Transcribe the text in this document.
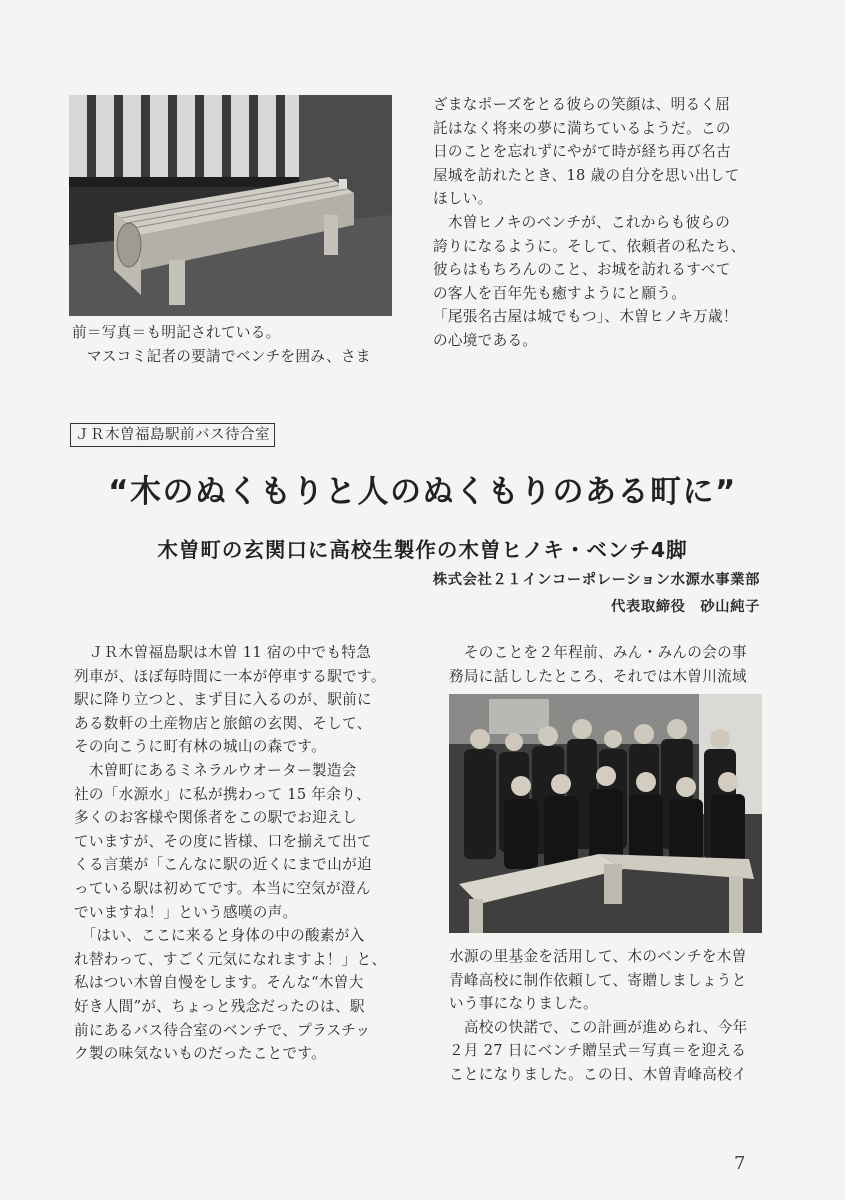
前＝写真＝も明記されている。

　マスコミ記者の要請でベンチを囲み、さま

ざまなポーズをとる彼らの笑顔は、明るく屈

託はなく将来の夢に満ちているようだ。この

日のことを忘れずにやがて時が経ち再び名古

屋城を訪れたとき、18 歳の自分を思い出して

ほしい。

　木曽ヒノキのベンチが、これからも彼らの

誇りになるように。そして、依頼者の私たち、

彼らはもちろんのこと、お城を訪れるすべて

の客人を百年先も癒すようにと願う。

「尾張名古屋は城でもつ」、木曽ヒノキ万歳！

の心境である。

ＪＲ木曽福島駅前バス待合室
“木のぬくもりと人のぬくもりのある町に”
木曽町の玄関口に高校生製作の木曽ヒノキ・ベンチ4脚
株式会社２１インコーポレーション水源水事業部
代表取締役　砂山純子

　ＪＲ木曽福島駅は木曽 11 宿の中でも特急

列車が、ほぼ毎時間に一本が停車する駅です。

駅に降り立つと、まず目に入るのが、駅前に

ある数軒の土産物店と旅館の玄関、そして、

その向こうに町有林の城山の森です。

　木曽町にあるミネラルウオーター製造会

社の「水源水」に私が携わって 15 年余り、

多くのお客様や関係者をこの駅でお迎えし

ていますが、その度に皆様、口を揃えて出て

くる言葉が「こんなに駅の近くにまで山が迫

っている駅は初めてです。本当に空気が澄ん

でいますね！」という感嘆の声。

　「はい、ここに来ると身体の中の酸素が入

れ替わって、すごく元気になれますよ！」と、

私はつい木曽自慢をします。そんな“木曽大

好き人間”が、ちょっと残念だったのは、駅

前にあるバス待合室のベンチで、プラスチッ

ク製の味気ないものだったことです。

　そのことを２年程前、みん・みんの会の事

務局に話ししたところ、それでは木曽川流域

水源の里基金を活用して、木のベンチを木曽

青峰高校に制作依頼して、寄贈しましょうと

いう事になりました。

　高校の快諾で、この計画が進められ、今年

２月 27 日にベンチ贈呈式＝写真＝を迎える

ことになりました。この日、木曽青峰高校イ

7
